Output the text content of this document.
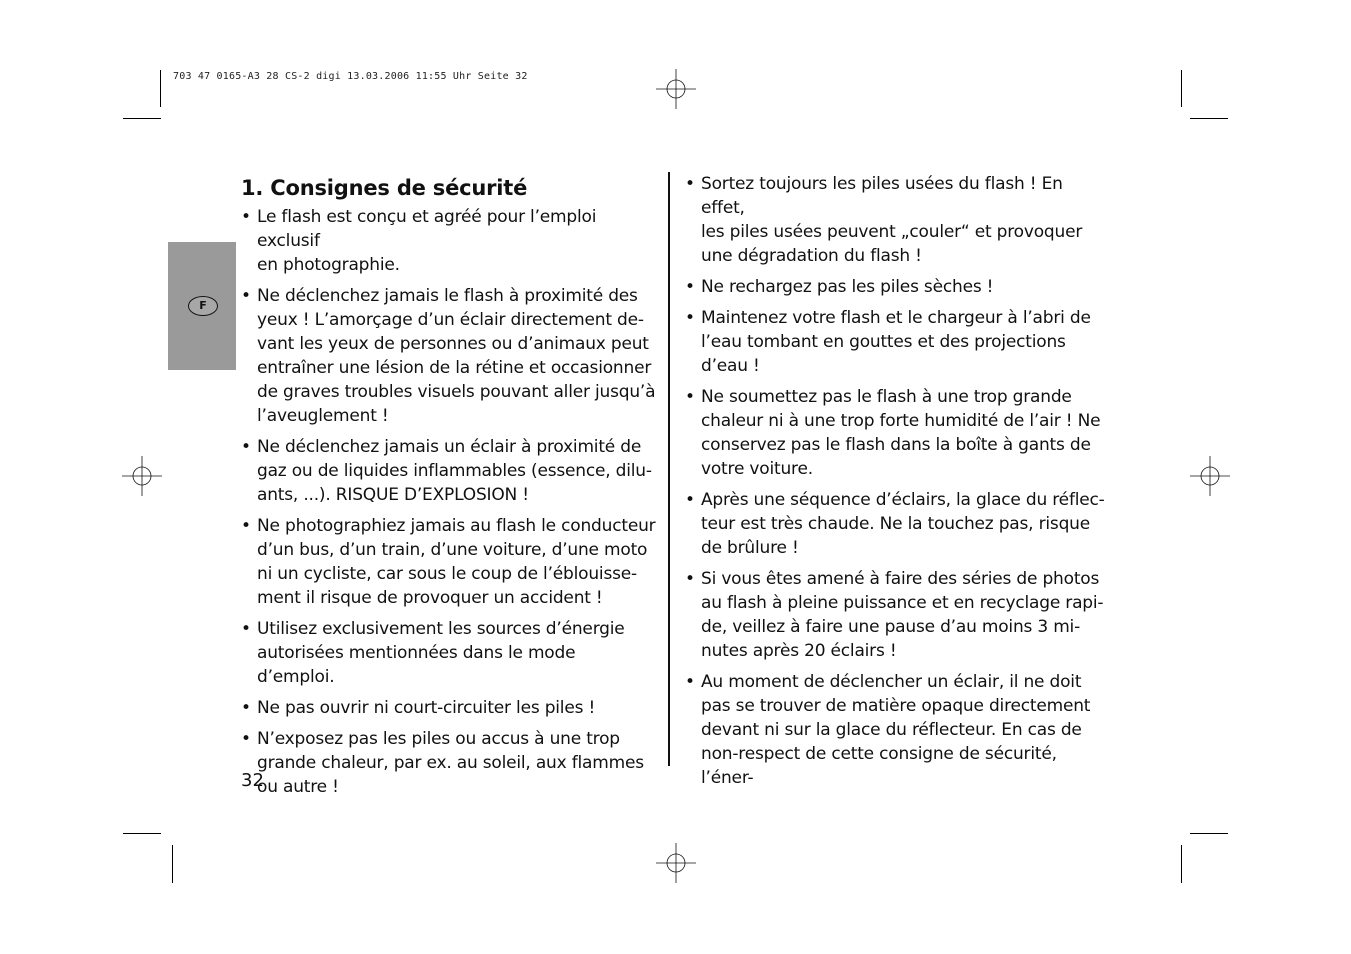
703 47 0165-A3 28 CS-2 digi 13.03.2006 11:55 Uhr Seite 32
F
1. Consignes de sécurité
• Le flash est conçu et agréé pour l’emploi exclusif
en photographie.
• Ne déclenchez jamais le flash à proximité des
yeux ! L’amorçage d’un éclair directement de-
vant les yeux de personnes ou d’animaux peut
entraîner une lésion de la rétine et occasionner
de graves troubles visuels pouvant aller jusqu’à
l’aveuglement !
• Ne déclenchez jamais un éclair à proximité de
gaz ou de liquides inflammables (essence, dilu-
ants, ...). RISQUE D’EXPLOSION !
• Ne photographiez jamais au flash le conducteur
d’un bus, d’un train, d’une voiture, d’une moto
ni un cycliste, car sous le coup de l’éblouisse-
ment il risque de provoquer un accident !
• Utilisez exclusivement les sources d’énergie
autorisées mentionnées dans le mode d’emploi.
• Ne pas ouvrir ni court-circuiter les piles !
• N’exposez pas les piles ou accus à une trop
grande chaleur, par ex. au soleil, aux flammes
ou autre !
• Sortez toujours les piles usées du flash ! En effet,
les piles usées peuvent „couler“ et provoquer
une dégradation du flash !
• Ne rechargez pas les piles sèches !
• Maintenez votre flash et le chargeur à l’abri de
l’eau tombant en gouttes et des projections
d’eau !
• Ne soumettez pas le flash à une trop grande
chaleur ni à une trop forte humidité de l’air ! Ne
conservez pas le flash dans la boîte à gants de
votre voiture.
• Après une séquence d’éclairs, la glace du réflec-
teur est très chaude. Ne la touchez pas, risque
de brûlure !
• Si vous êtes amené à faire des séries de photos
au flash à pleine puissance et en recyclage rapi-
de, veillez à faire une pause d’au moins 3 mi-
nutes après 20 éclairs !
• Au moment de déclencher un éclair, il ne doit
pas se trouver de matière opaque directement
devant ni sur la glace du réflecteur. En cas de
non-respect de cette consigne de sécurité, l’éner-
32
